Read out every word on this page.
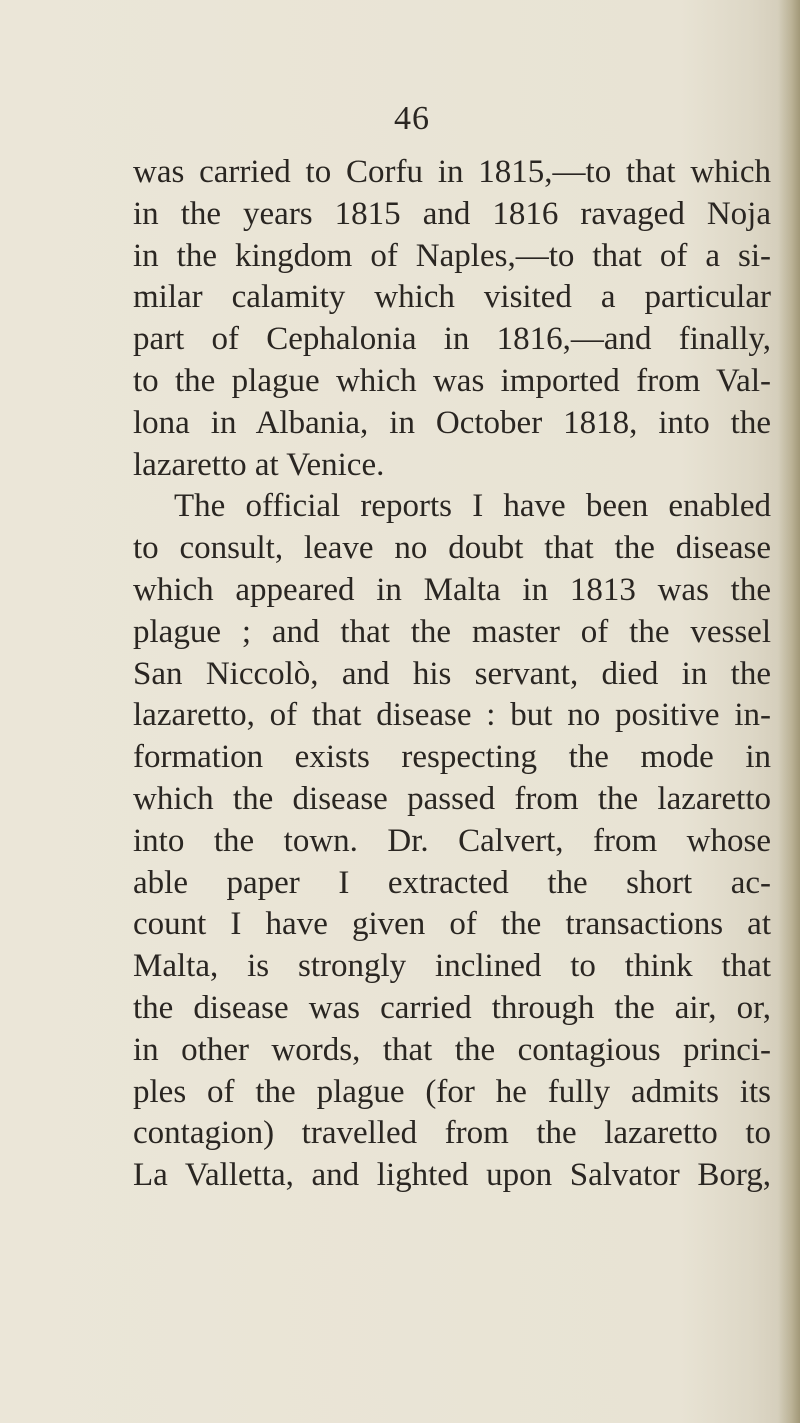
46
was carried to Corfu in 1815,—to that which
in the years 1815 and 1816 ravaged Noja
in the kingdom of Naples,—to that of a si-
milar calamity which visited a particular
part of Cephalonia in 1816,—and finally,
to the plague which was imported from Val-
lona in Albania, in October 1818, into the
lazaretto at Venice.
The official reports I have been enabled
to consult, leave no doubt that the disease
which appeared in Malta in 1813 was the
plague ; and that the master of the vessel
San Niccolò, and his servant, died in the
lazaretto, of that disease : but no positive in-
formation exists respecting the mode in
which the disease passed from the lazaretto
into the town. Dr. Calvert, from whose
able paper I extracted the short ac-
count I have given of the transactions at
Malta, is strongly inclined to think that
the disease was carried through the air, or,
in other words, that the contagious princi-
ples of the plague (for he fully admits its
contagion) travelled from the lazaretto to
La Valletta, and lighted upon Salvator Borg,
